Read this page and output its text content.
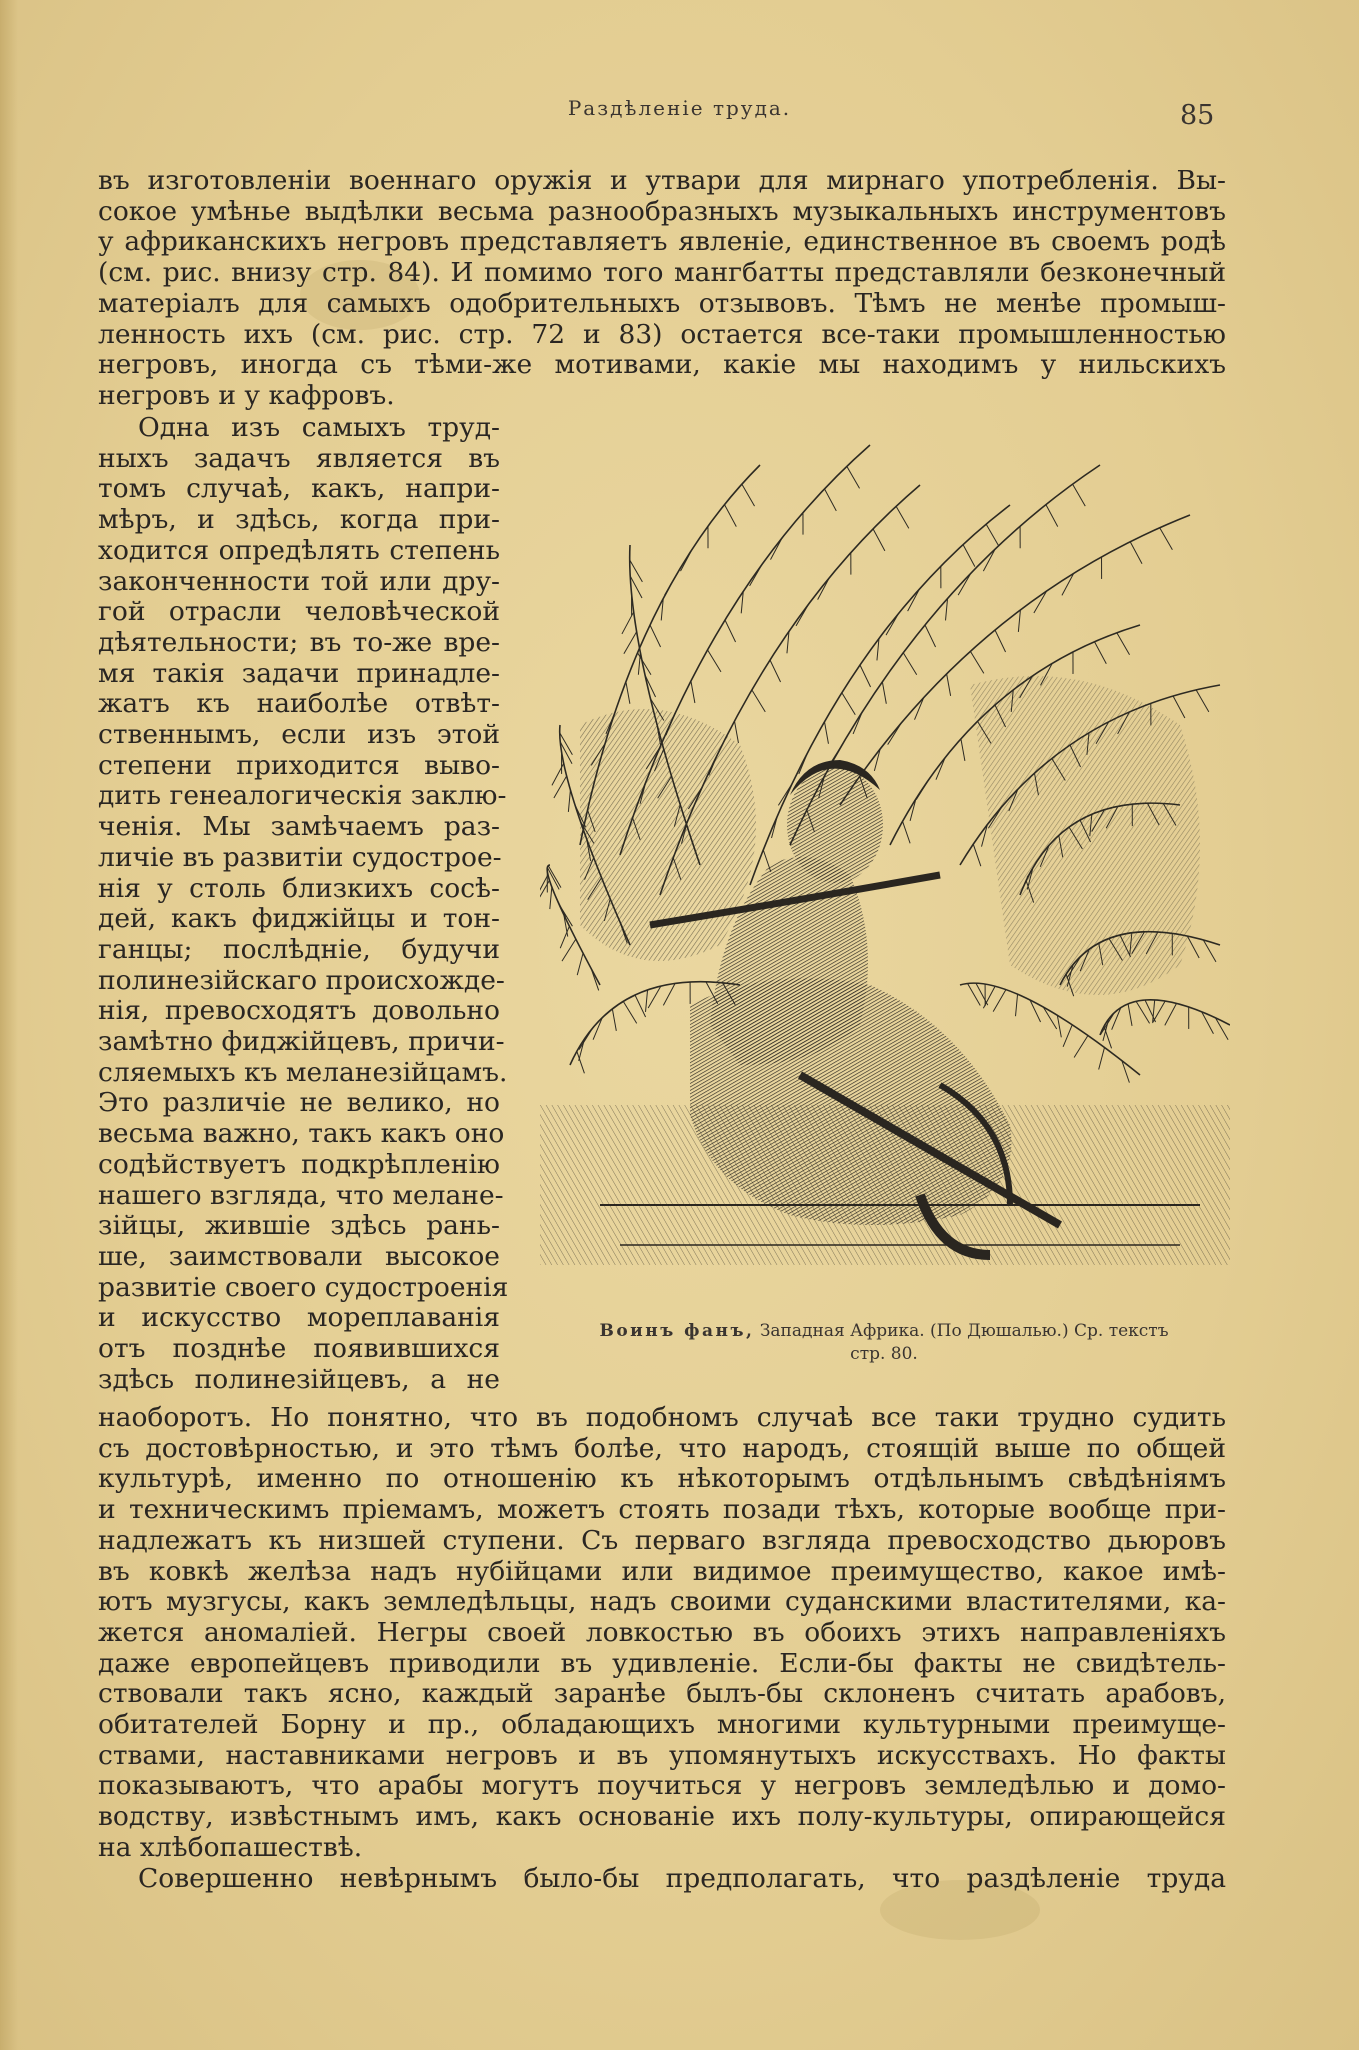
Раздѣленіе труда.	85
въ изготовленіи военнаго оружія и утвари для мирнаго употребленія. Вы-
сокое умѣнье выдѣлки весьма разнообразныхъ музыкальныхъ инструментовъ
у африканскихъ негровъ представляетъ явленіе, единственное въ своемъ родѣ
(см. рис. внизу стр. 84). И помимо того мангбатты представляли безконечный
матеріалъ для самыхъ одобрительныхъ отзывовъ. Тѣмъ не менѣе промыш-
ленность ихъ (см. рис. стр. 72 и 83) остается все-таки промышленностью
негровъ, иногда съ тѣми-же мотивами, какіе мы находимъ у нильскихъ
негровъ и у кафровъ.
Одна изъ самыхъ труд-
ныхъ задачъ является въ
томъ случаѣ, какъ, напри-
мѣръ, и здѣсь, когда при-
ходится опредѣлять степень
законченности той или дру-
гой отрасли человѣческой
дѣятельности; въ то-же вре-
мя такія задачи принадле-
жатъ къ наиболѣе отвѣт-
ственнымъ, если изъ этой
степени приходится выво-
дить генеалогическія заклю-
ченія. Мы замѣчаемъ раз-
личіе въ развитіи судострое-
нія у столь близкихъ сосѣ-
дей, какъ фиджійцы и тон-
ганцы; послѣдніе, будучи
полинезійскаго происхожде-
нія, превосходятъ довольно
замѣтно фиджійцевъ, причи-
сляемыхъ къ меланезійцамъ.
Это различіе не велико, но
весьма важно, такъ какъ оно
содѣйствуетъ подкрѣпленію
нашего взгляда, что мелане-
зійцы, жившіе здѣсь рань-
ше, заимствовали высокое
развитіе своего судостроенія
и искусство мореплаванія
отъ позднѣе появившихся
здѣсь полинезійцевъ, а не
Воинъ фанъ, Западная Африка. (По Дюшалью.) Ср. текстъ
стр. 80.
наоборотъ. Но понятно, что въ подобномъ случаѣ все таки трудно судить
съ достовѣрностью, и это тѣмъ болѣе, что народъ, стоящій выше по общей
культурѣ, именно по отношенію къ нѣкоторымъ отдѣльнымъ свѣдѣніямъ
и техническимъ пріемамъ, можетъ стоять позади тѣхъ, которые вообще при-
надлежатъ къ низшей ступени. Съ перваго взгляда превосходство дьюровъ
въ ковкѣ желѣза надъ нубійцами или видимое преимущество, какое имѣ-
ютъ музгусы, какъ земледѣльцы, надъ своими суданскими властителями, ка-
жется аномаліей. Негры своей ловкостью въ обоихъ этихъ направленіяхъ
даже европейцевъ приводили въ удивленіе. Если-бы факты не свидѣтель-
ствовали такъ ясно, каждый заранѣе былъ-бы склоненъ считать арабовъ,
обитателей Борну и пр., обладающихъ многими культурными преимуще-
ствами, наставниками негровъ и въ упомянутыхъ искусствахъ. Но факты
показываютъ, что арабы могутъ поучиться у негровъ земледѣлью и домо-
водству, извѣстнымъ имъ, какъ основаніе ихъ полу-культуры, опирающейся
на хлѣбопашествѣ.
Совершенно невѣрнымъ было-бы предполагать, что раздѣленіе труда
